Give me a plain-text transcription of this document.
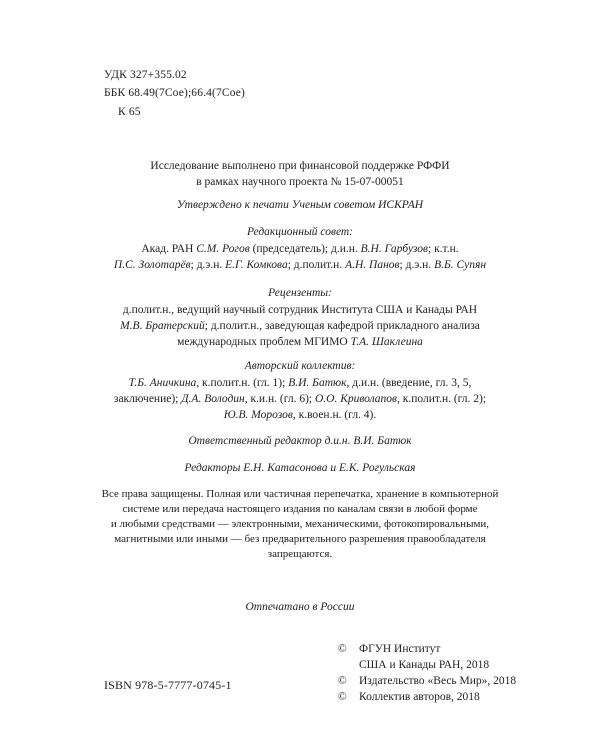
УДК 327+355.02
ББК 68.49(7Сое);66.4(7Сое)
К 65
Исследование выполнено при финансовой поддержке РФФИ
в рамках научного проекта № 15-07-00051
Утверждено к печати Ученым советом ИСКРАН
Редакционный совет:
Акад. РАН С.М. Рогов (председатель); д.и.н. В.Н. Гарбузов; к.т.н.
П.С. Золотарёв; д.э.н. Е.Г. Комкова; д.полит.н. А.Н. Панов; д.э.н. В.Б. Супян
Рецензенты:
д.полит.н., ведущий научный сотрудник Института США и Канады РАН
М.В. Братерский; д.полит.н., заведующая кафедрой прикладного анализа
международных проблем МГИМО Т.А. Шаклеина
Авторский коллектив:
Т.Б. Аничкина, к.полит.н. (гл. 1); В.И. Батюк, д.и.н. (введение, гл. 3, 5,
заключение); Д.А. Володин, к.и.н. (гл. 6); О.О. Криволапов, к.полит.н. (гл. 2);
Ю.В. Морозов, к.воен.н. (гл. 4).
Ответственный редактор д.и.н. В.И. Батюк
Редакторы Е.Н. Катасонова и Е.К. Рогульская
Все права защищены. Полная или частичная перепечатка, хранение в компьютерной
системе или передача настоящего издания по каналам связи в любой форме
и любыми средствами — электронными, механическими, фотокопировальными,
магнитными или иными — без предварительного разрешения правообладателя
запрещаются.
Отпечатано в России
ISBN 978-5-7777-0745-1
© ФГУН Институт
США и Канады РАН, 2018
© Издательство «Весь Мир», 2018
© Коллектив авторов, 2018
